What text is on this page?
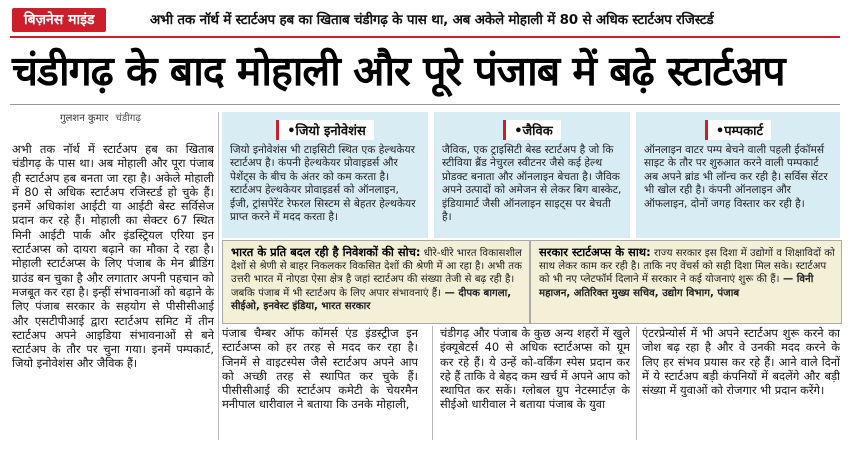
बिज़नेस माइंड	अभी तक नॉर्थ में स्टार्टअप हब का खिताब चंडीगढ़ के पास था, अब अकेले मोहाली में 80 से अधिक स्टार्टअप रजिस्टर्ड
चंडीगढ़ के बाद मोहाली और पूरे पंजाब में बढ़े स्टार्टअप
गुलशन कुमार चंडीगढ़
अभी तक नॉर्थ में स्टार्टअप हब का खिताब चंडीगढ़ के पास था। अब मोहाली और पूरा पंजाब ही स्टार्टअप हब बनता जा रहा है। अकेले मोहाली में 80 से अधिक स्टार्टअप रजिस्टर्ड हो चुके हैं। इनमें अधिकांश आईटी या आईटी बेस्ट सर्विसेज प्रदान कर रहे हैं। मोहाली का सेक्टर 67 स्थित मिनी आईटी पार्क और इंडस्ट्रियल एरिया इन स्टार्टअप्स को दायरा बढ़ाने का मौका दे रहा है। मोहाली स्टार्टअप्स के लिए पंजाब के मेन ब्रीडिंग ग्राउंड बन चुका है और लगातार अपनी पहचान को मजबूत कर रहा है। इन्हीं संभावनाओं को बढ़ाने के लिए पंजाब सरकार के सहयोग से पीसीसीआई और एसटीपीआई द्वारा स्टार्टअप समिट में तीन स्टार्टअप अपने आइडिया संभावनाओं से बने स्टार्टअप के तौर पर चुना गया। इनमें पम्पकार्ट, जियो इनोवेशंस और जैविक हैं।
•जियो इनोवेशंस
जियो इनोवेशंस भी टाइसिटी स्थित एक हेल्थकेयर स्टार्टअप है। कंपनी हेल्थकेयर प्रोवाइडर्स और पेशेंट्स के बीच के अंतर को कम करता है। स्टार्टअप हेल्थकेयर प्रोवाइडर्स को ऑनलाइन, ईजी, ट्रांसपेरेंट रेफरल सिस्टम से बेहतर हेल्थकेयर प्राप्त करने में मदद करता है।
•जैविक
जैविक, एक ट्राइसिटी बेस्ड स्टार्टअप है जो कि स्टीविया ब्रैंड नेचुरल स्वीटनर जैसे कई हेल्थ प्रोडक्ट बनाता और ऑनलाइन बेचता है। जैविक अपने उत्पादों को अमेजन से लेकर बिग बास्केट, इंडियामार्ट जैसी ऑनलाइन साइट्स पर बेचती है।
•पम्पकार्ट
ऑनलाइन वाटर पम्प बेचने वाली पहली ईकॉमर्स साइट के तौर पर शुरुआत करने वाली पम्पकार्ट अब अपने ब्रांड भी लॉन्च कर रही है। सर्विस सेंटर भी खोल रही है। कंपनी ऑनलाइन और ऑफलाइन, दोनों जगह विस्तार कर रही है।
भारत के प्रति बदल रही है निवेशकों की सोच: धीरे-धीरे भारत विकासशील देशों से श्रेणी से बाहर निकलकर विकसित देशों की श्रेणी में आ रहा है। अभी तक उत्तरी भारत में नोएडा ऐसा क्षेत्र है जहां स्टार्टअप की संख्या तेजी से बढ़ रही है। जबकि पंजाब में भी स्टार्टअप के लिए अपार संभावनाएं हैं। — दीपक बागला, सीईओ, इनवेस्ट इंडिया, भारत सरकार
सरकार स्टार्टअप्स के साथ: राज्य सरकार इस दिशा में उद्योगों व शिक्षाविदों को साथ लेकर काम कर रही है। ताकि नए वेंचर्स को सही दिशा मिल सके। स्टार्टअप को भी नए प्लेटफॉर्म दिलाने में सरकार ने कई योजनाएं शुरू की हैं। — विनी महाजन, अतिरिक्त मुख्य सचिव, उद्योग विभाग, पंजाब
पंजाब चैम्बर ऑफ कॉमर्स एंड इंडस्ट्रीज इन स्टार्टअप्स को हर तरह से मदद कर रहा है। जिनमें से वाइटस्पेस जैसे स्टार्टअप अपने आप को अच्छी तरह से स्थापित कर चुके हैं। पीसीसीआई की स्टार्टअप कमेटी के चेयरमैन मनीपाल धारीवाल ने बताया कि उनके मोहाली,
चंडीगढ़ और पंजाब के कुछ अन्य शहरों में खुले इंक्यूबेटर्स 40 से अधिक स्टार्टअप्स को ग्रूम कर रहे हैं। ये उन्हें को-वर्किंग स्पेस प्रदान कर रहे हैं ताकि वे बेहद कम खर्च में अपने आप को स्थापित कर सकें। ग्लोबल ग्रुप नेटस्मार्टज़ के सीईओ धारीवाल ने बताया पंजाब के युवा
एंटरप्रेन्योर्स में भी अपने स्टार्टअप शुरू करने का जोश बढ़ रहा है और वे उनकी मदद करने के लिए हर संभव प्रयास कर रहे हैं। आने वाले दिनों में ये स्टार्टअप बड़ी कंपनियों में बदलेंगे और बड़ी संख्या में युवाओं को रोजगार भी प्रदान करेंगे।
